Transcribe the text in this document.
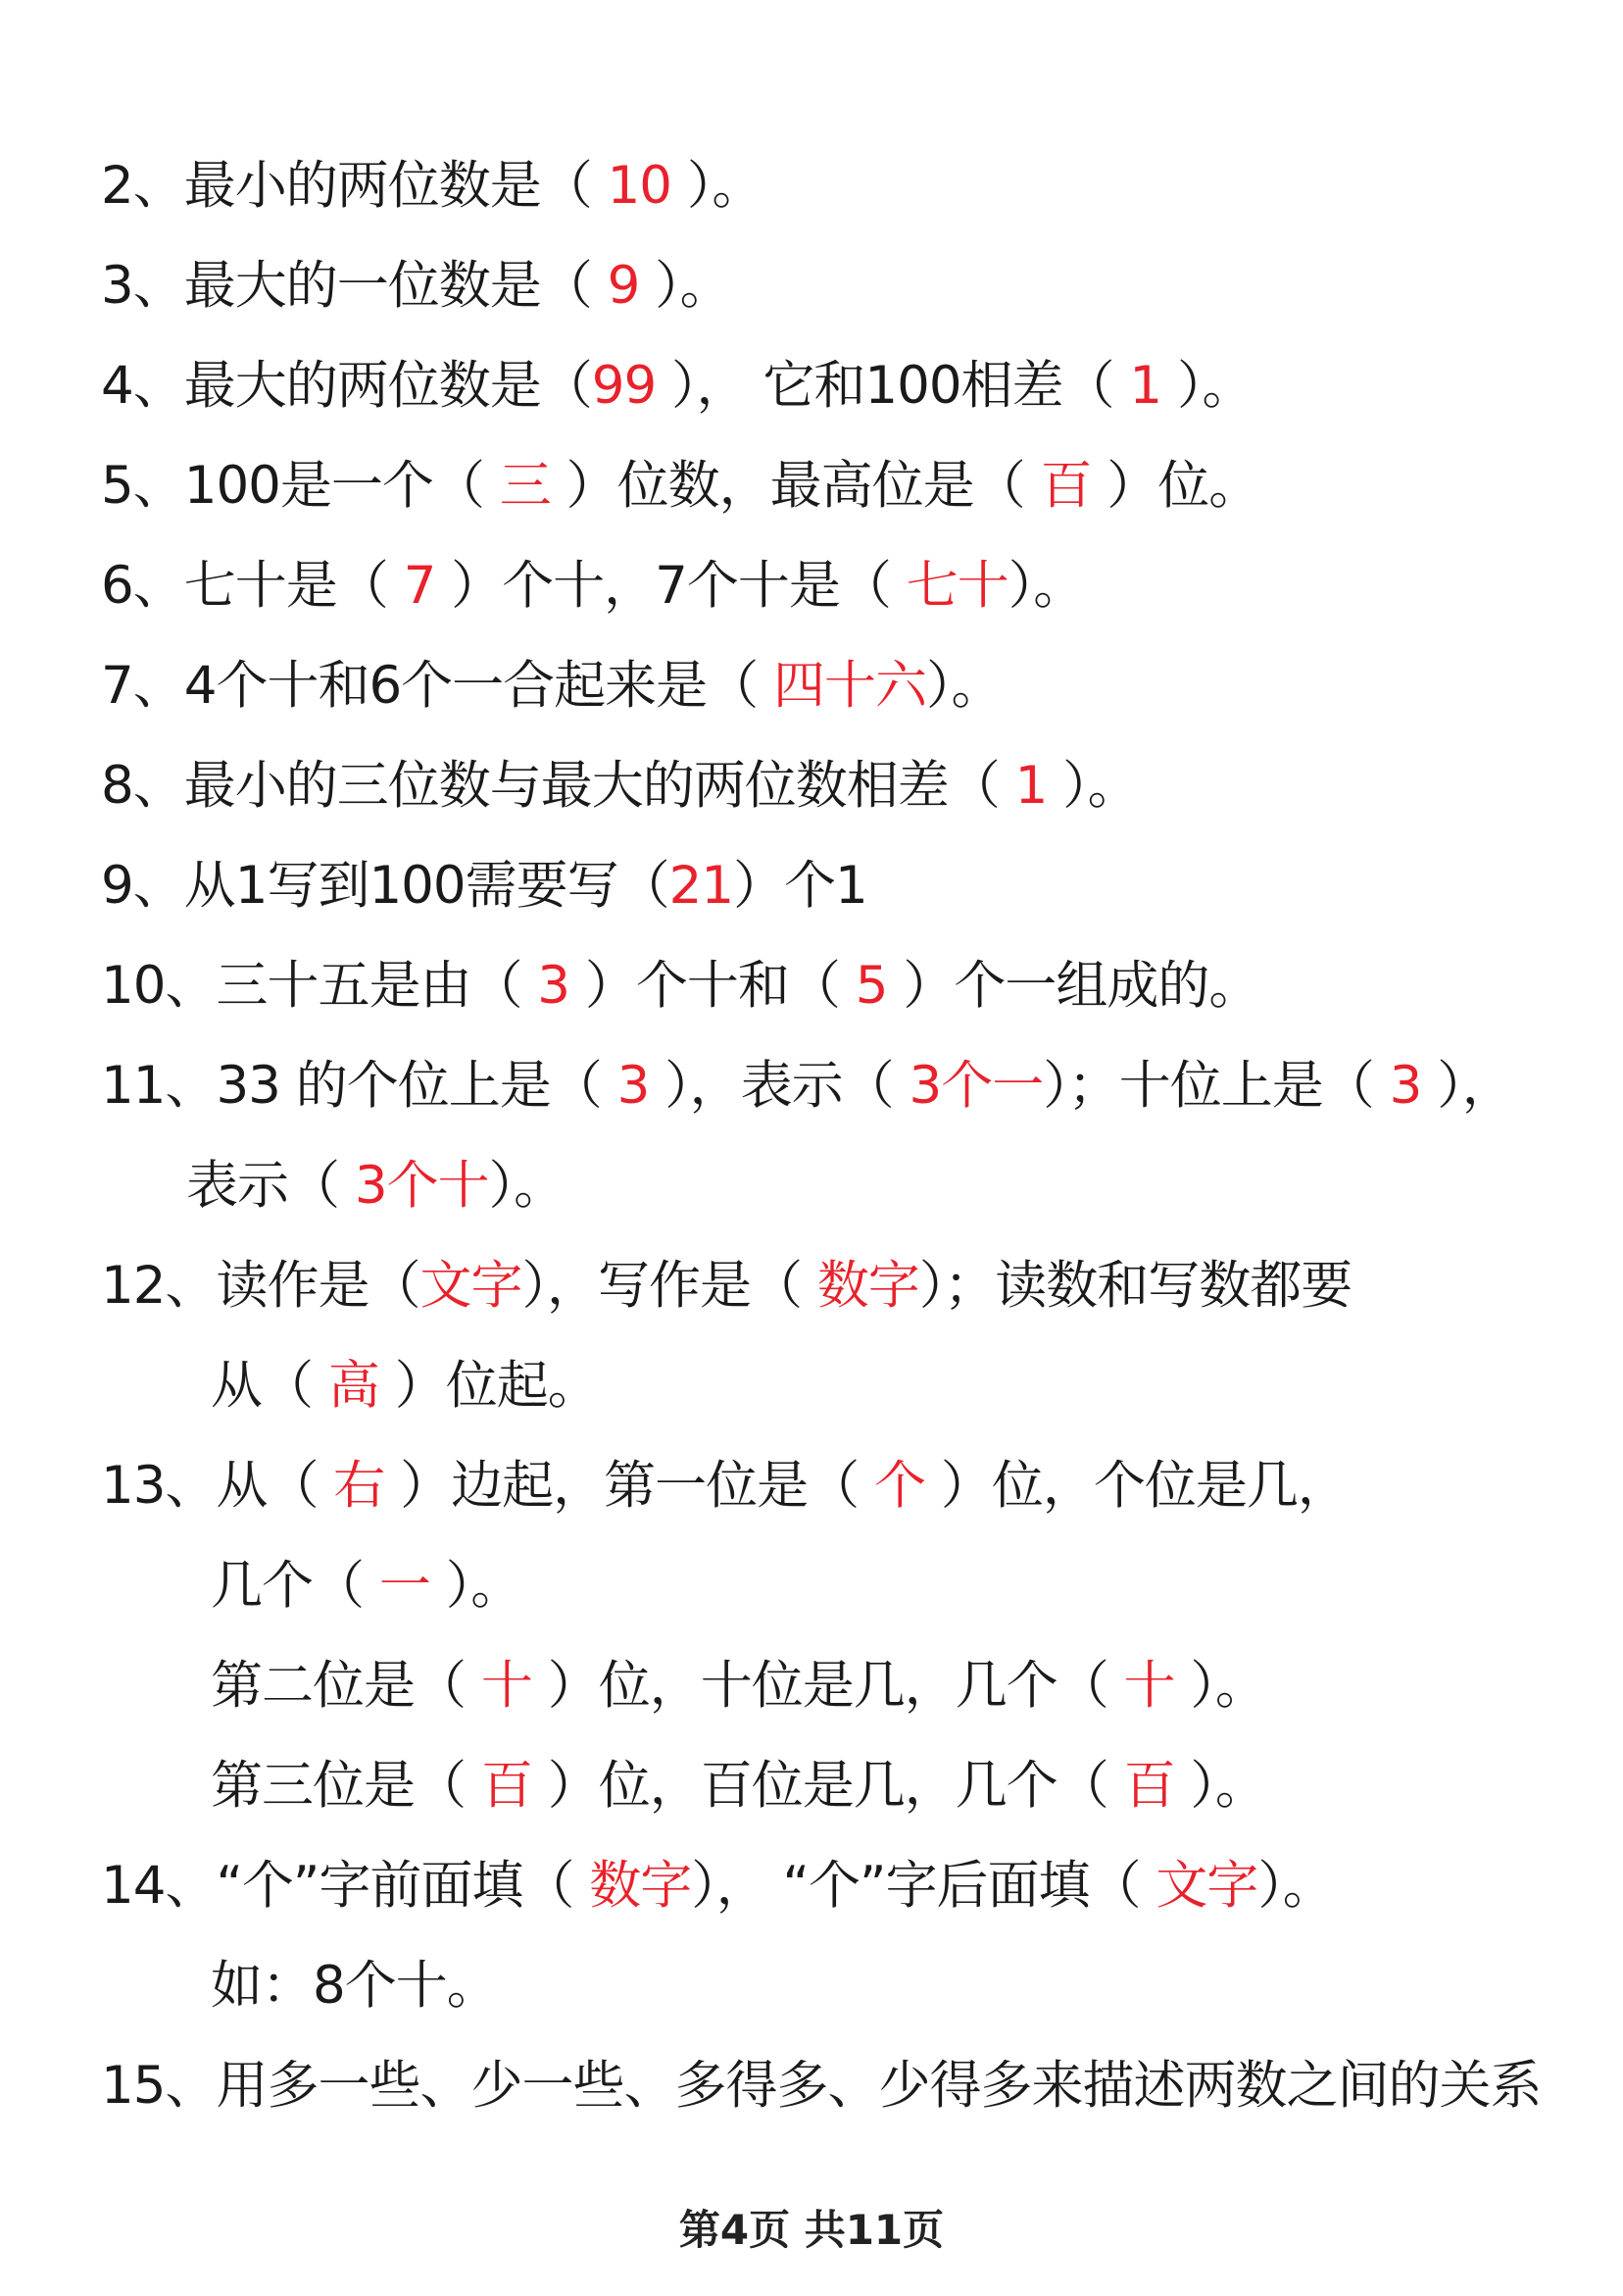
2、最小的两位数是（ 10 ）。
3、最大的一位数是（ 9 ）。
4、最大的两位数是（99 ）， 它和100相差（ 1 ）。
5、100是一个（ 三 ）位数，最高位是（ 百 ）位。
6、七十是（ 7 ）个十，7个十是（ 七十）。
7、4个十和6个一合起来是（ 四十六）。
8、最小的三位数与最大的两位数相差（ 1 ）。
9、从1写到100需要写（21）个1
10、三十五是由（ 3 ）个十和（ 5 ）个一组成的。
11、33 的个位上是（ 3 ），表示（ 3个一）；十位上是（ 3 ），
表示（ 3个十）。
12、读作是（文字），写作是（ 数字）；读数和写数都要
从（ 高 ）位起。
13、从（ 右 ）边起，第一位是（ 个 ）位，个位是几，
几个（ 一 ）。
第二位是（ 十 ）位，十位是几，几个（ 十 ）。
第三位是（ 百 ）位，百位是几，几个（ 百 ）。
14、“个”字前面填（ 数字）， “个”字后面填（ 文字）。
如：8个十。
15、用多一些、少一些、多得多、少得多来描述两数之间的关系
第4页 共11页
